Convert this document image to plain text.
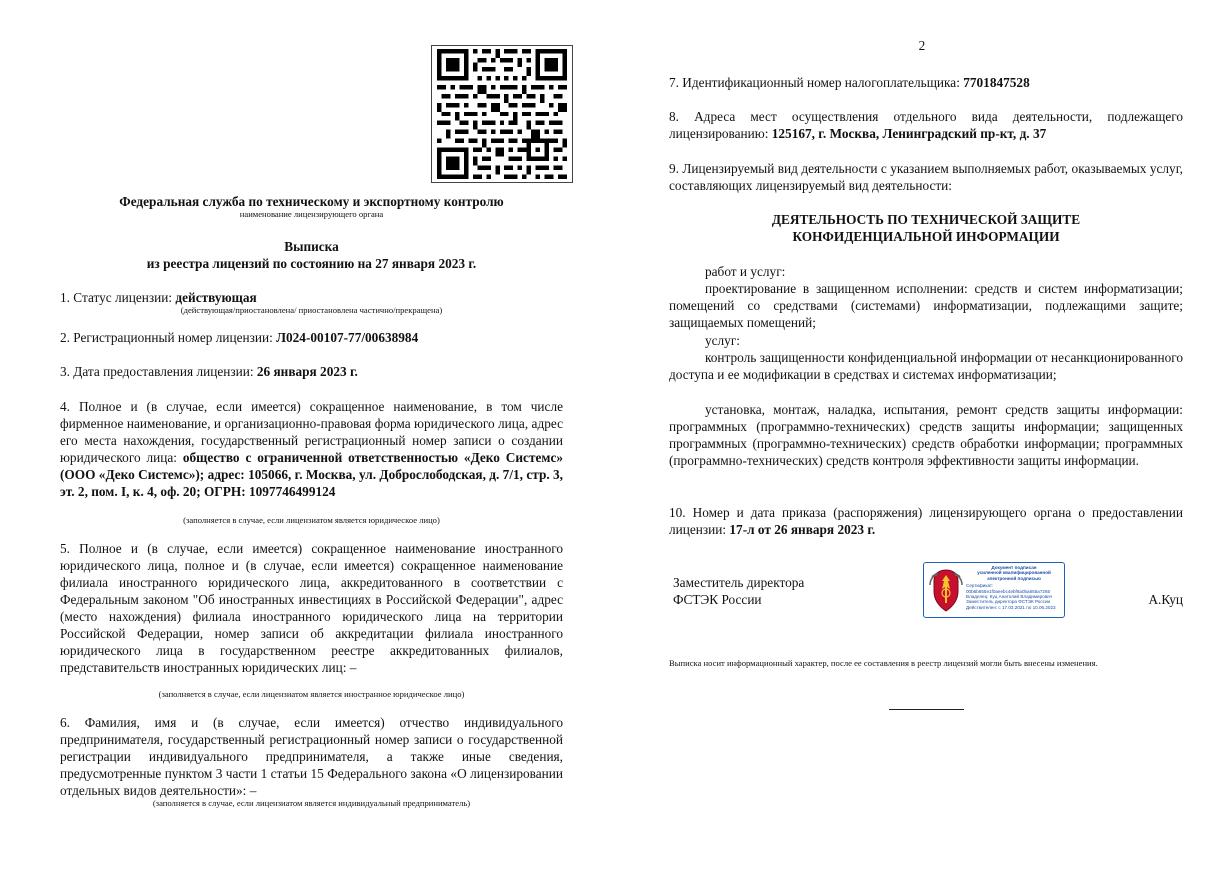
Федеральная служба по техническому и экспортному контролю

наименование лицензирующего органа

Выписка

из реестра лицензий по состоянию на 27 января 2023 г.

1. Статус лицензии: действующая

(действующая/приостановлена/ приостановлена частично/прекращена)

2. Регистрационный номер лицензии: Л024-00107-77/00638984

3. Дата предоставления лицензии: 26 января 2023 г.

4. Полное и (в случае, если имеется) сокращенное наименование, в том числе фирменное наименование, и организационно-правовая форма юридического лица, адрес его места нахождения, государственный регистрационный номер записи о создании юридического лица: общество с ограниченной ответственностью «Деко Системс» (ООО «Деко Системс»); адрес: 105066, г. Москва, ул. Доброслободская, д. 7/1, стр. 3, эт. 2, пом. I, к. 4, оф. 20; ОГРН: 1097746499124

(заполняется в случае, если лицензиатом является юридическое лицо)

5. Полное и (в случае, если имеется) сокращенное наименование иностранного юридического лица, полное и (в случае, если имеется) сокращенное наименование филиала иностранного юридического лица, аккредитованного в соответствии с Федеральным законом "Об иностранных инвестициях в Российской Федерации", адрес (место нахождения) филиала иностранного юридического лица на территории Российской Федерации, номер записи об аккредитации филиала иностранного юридического лица в государственном реестре аккредитованных филиалов, представительств иностранных юридических лиц: –

(заполняется в случае, если лицензиатом является иностранное юридическое лицо)

6. Фамилия, имя и (в случае, если имеется) отчество индивидуального предпринимателя, государственный регистрационный номер записи о государственной регистрации индивидуального предпринимателя, а также иные сведения, предусмотренные пунктом 3 части 1 статьи 15 Федерального закона «О лицензировании отдельных видов деятельности»: –

(заполняется в случае, если лицензиатом является индивидуальный предприниматель)

2

7. Идентификационный номер налогоплательщика: 7701847528

8. Адреса мест осуществления отдельного вида деятельности, подлежащего лицензированию: 125167, г. Москва, Ленинградский пр-кт, д. 37

9. Лицензируемый вид деятельности с указанием выполняемых работ, оказываемых услуг, составляющих лицензируемый вид деятельности:

ДЕЯТЕЛЬНОСТЬ ПО ТЕХНИЧЕСКОЙ ЗАЩИТЕ

КОНФИДЕНЦИАЛЬНОЙ ИНФОРМАЦИИ

работ и услуг:

проектирование в защищенном исполнении: средств и систем информатизации; помещений со средствами (системами) информатизации, подлежащими защите; защищаемых помещений;

услуг:

контроль защищенности конфиденциальной информации от несанкционированного доступа и ее модификации в средствах и системах информатизации;

установка, монтаж, наладка, испытания, ремонт средств защиты информации: программных (программно-технических) средств защиты информации; защищенных программных (программно-технических) средств обработки информации; программных (программно-технических) средств контроля эффективности защиты информации.

10. Номер и дата приказа (распоряжения) лицензирующего органа о предоставлении лицензии: 17-л от 26 января 2023 г.

Заместитель директора

ФСТЭК России	А.Куц

Выписка носит информационный характер, после ее составления в реестр лицензий могли быть внесены изменения.

Документ подписан
усиленной квалифицированной
электронной подписью
Сертификат: 00b6b655e1f0aeebc4ebf6a0ba655a7265
Владелец: Куц Анатолий Владимирович
Заместитель директора ФСТЭК России
Действителен: с 17.03.2021 по 10.06.2023
